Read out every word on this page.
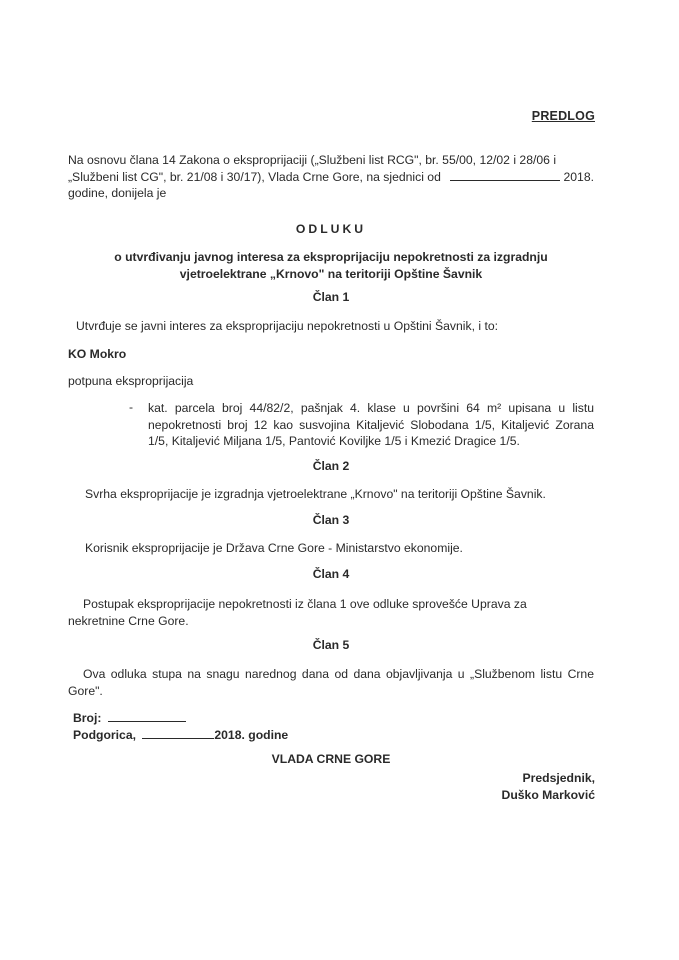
PREDLOG
Na osnovu člana 14 Zakona o eksproprijaciji („Službeni list RCG", br. 55/00, 12/02 i 28/06 i
„Službeni list CG", br. 21/08 i 30/17), Vlada Crne Gore, na sjednici od	2018.
godine, donijela je
ODLUKU
o utvrđivanju javnog interesa za eksproprijaciju nepokretnosti za izgradnju
vjetroelektrane „Krnovo" na teritoriji Opštine Šavnik
Član 1
Utvrđuje se javni interes za eksproprijaciju nepokretnosti u Opštini Šavnik, i to:
KO Mokro
potpuna eksproprijacija
- kat. parcela broj 44/82/2, pašnjak 4. klase u površini 64 m² upisana u listu
nepokretnosti broj 12 kao susvojina Kitaljević Slobodana 1/5, Kitaljević Zorana
1/5, Kitaljević Miljana 1/5, Pantović Koviljke 1/5 i Kmezić Dragice 1/5.
Član 2
Svrha eksproprijacije je izgradnja vjetroelektrane „Krnovo" na teritoriji Opštine Šavnik.
Član 3
Korisnik eksproprijacije je Država Crne Gore - Ministarstvo ekonomije.
Član 4
Postupak eksproprijacije nepokretnosti iz člana 1 ove odluke sprovešće Uprava za
nekretnine Crne Gore.
Član 5
Ova odluka stupa na snagu narednog dana od dana objavljivanja u „Službenom listu Crne
Gore".
Broj:
Podgorica,	2018. godine
VLADA CRNE GORE
Predsjednik,
Duško Marković
